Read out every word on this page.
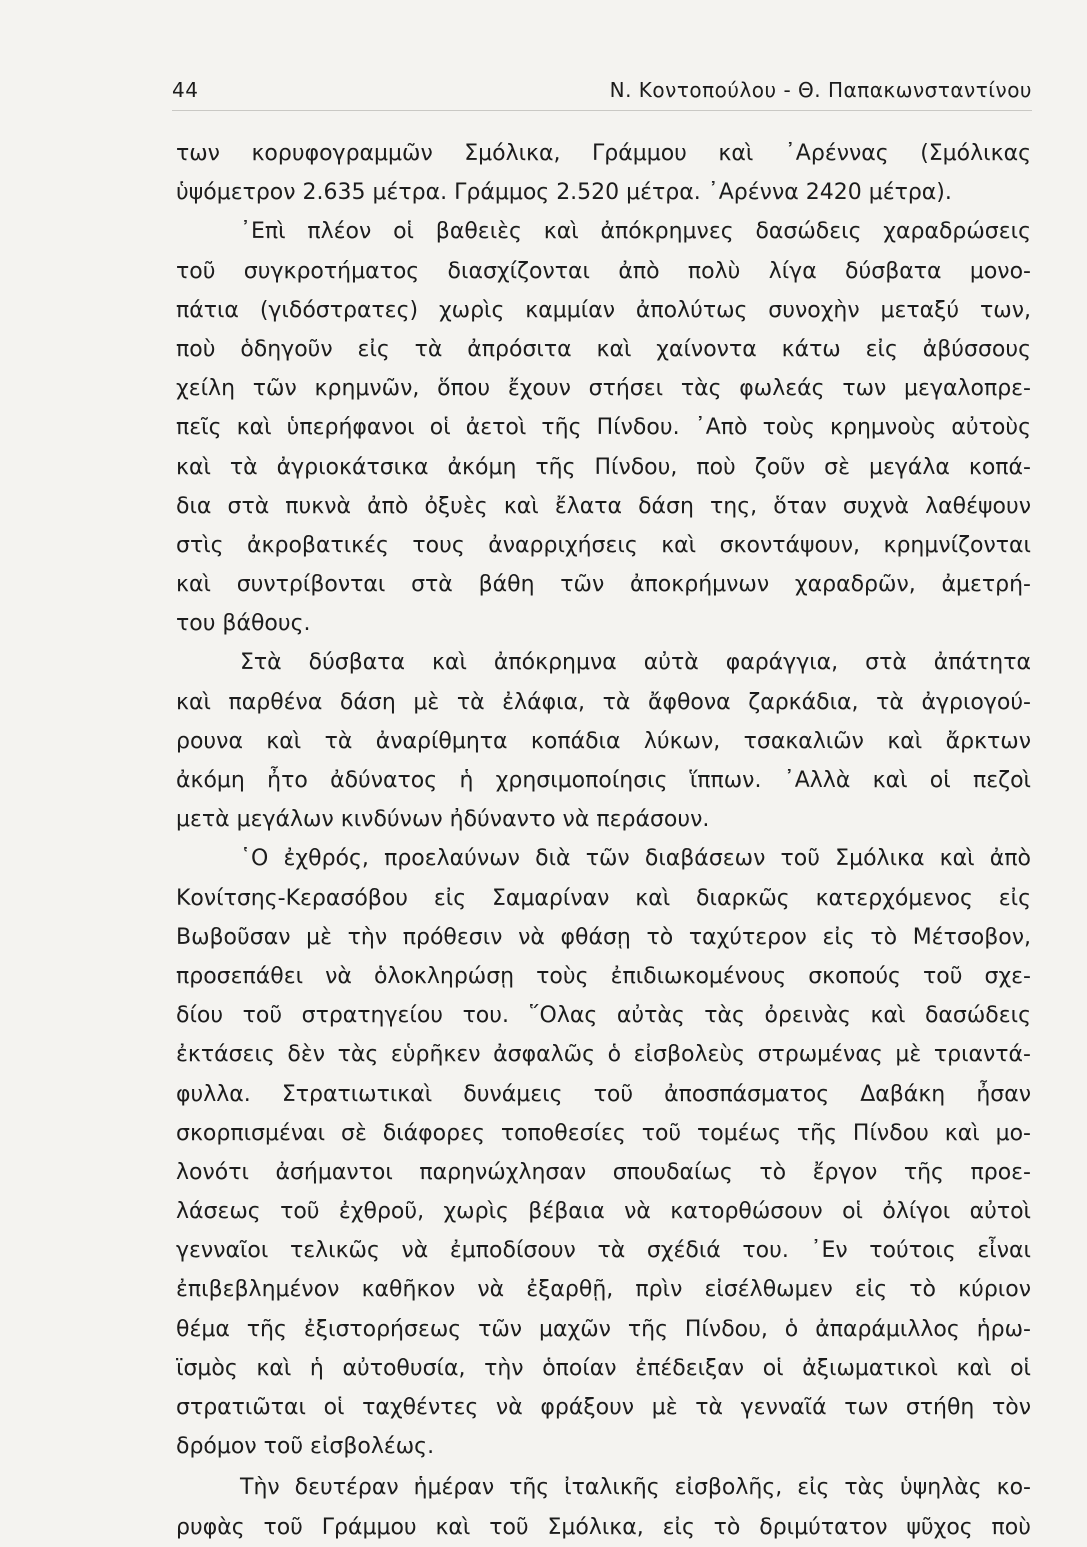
44	Ν. Κοντοπούλου - Θ. Παπακωνσταντίνου
των κορυφογραμμῶν Σμόλικα, Γράμμου καὶ ᾿Αρέννας (Σμόλικας
ὑψόμετρον 2.635 μέτρα. Γράμμος 2.520 μέτρα. ᾿Αρέννα 2420 μέτρα).
᾿Επὶ πλέον οἱ βαθειὲς καὶ ἀπόκρημνες δασώδεις χαραδρώσεις
τοῦ συγκροτήματος διασχίζονται ἀπὸ πολὺ λίγα δύσβατα μονο-
πάτια (γιδόστρατες) χωρὶς καμμίαν ἀπολύτως συνοχὴν μεταξύ των,
ποὺ ὁδηγοῦν εἰς τὰ ἀπρόσιτα καὶ χαίνοντα κάτω εἰς ἀβύσσους
χείλη τῶν κρημνῶν, ὅπου ἔχουν στήσει τὰς φωλεάς των μεγαλοπρε-
πεῖς καὶ ὑπερήφανοι οἱ ἀετοὶ τῆς Πίνδου. ᾿Απὸ τοὺς κρημνοὺς αὐτοὺς
καὶ τὰ ἀγριοκάτσικα ἀκόμη τῆς Πίνδου, ποὺ ζοῦν σὲ μεγάλα κοπά-
δια στὰ πυκνὰ ἀπὸ ὀξυὲς καὶ ἔλατα δάση της, ὅταν συχνὰ λαθέψουν
στὶς ἀκροβατικές τους ἀναρριχήσεις καὶ σκοντάψουν, κρημνίζονται
καὶ συντρίβονται στὰ βάθη τῶν ἀποκρήμνων χαραδρῶν, ἀμετρή-
του βάθους.
Στὰ δύσβατα καὶ ἀπόκρημνα αὐτὰ φαράγγια, στὰ ἀπάτητα
καὶ παρθένα δάση μὲ τὰ ἐλάφια, τὰ ἄφθονα ζαρκάδια, τὰ ἀγριογού-
ρουνα καὶ τὰ ἀναρίθμητα κοπάδια λύκων, τσακαλιῶν καὶ ἄρκτων
ἀκόμη ἦτο ἀδύνατος ἡ χρησιμοποίησις ἵππων. ᾿Αλλὰ καὶ οἱ πεζοὶ
μετὰ μεγάλων κινδύνων ἠδύναντο νὰ περάσουν.
῾Ο ἐχθρός, προελαύνων διὰ τῶν διαβάσεων τοῦ Σμόλικα καὶ ἀπὸ
Κονίτσης-Κερασόβου εἰς Σαμαρίναν καὶ διαρκῶς κατερχόμενος εἰς
Βωβοῦσαν μὲ τὴν πρόθεσιν νὰ φθάσῃ τὸ ταχύτερον εἰς τὸ Μέτσοβον,
προσεπάθει νὰ ὁλοκληρώσῃ τοὺς ἐπιδιωκομένους σκοπούς τοῦ σχε-
δίου τοῦ στρατηγείου του. ῞Ολας αὐτὰς τὰς ὀρεινὰς καὶ δασώδεις
ἐκτάσεις δὲν τὰς εὑρῆκεν ἀσφαλῶς ὁ εἰσβολεὺς στρωμένας μὲ τριαντά-
φυλλα. Στρατιωτικαὶ δυνάμεις τοῦ ἀποσπάσματος Δαβάκη ἦσαν
σκορπισμέναι σὲ διάφορες τοποθεσίες τοῦ τομέως τῆς Πίνδου καὶ μο-
λονότι ἀσήμαντοι παρηνώχλησαν σπουδαίως τὸ ἔργον τῆς προε-
λάσεως τοῦ ἐχθροῦ, χωρὶς βέβαια νὰ κατορθώσουν οἱ ὀλίγοι αὐτοὶ
γενναῖοι τελικῶς νὰ ἐμποδίσουν τὰ σχέδιά του. ᾿Εν τούτοις εἶναι
ἐπιβεβλημένον καθῆκον νὰ ἐξαρθῇ, πρὶν εἰσέλθωμεν εἰς τὸ κύριον
θέμα τῆς ἐξιστορήσεως τῶν μαχῶν τῆς Πίνδου, ὁ ἀπαράμιλλος ἡρω-
ϊσμὸς καὶ ἡ αὐτοθυσία, τὴν ὁποίαν ἐπέδειξαν οἱ ἀξιωματικοὶ καὶ οἱ
στρατιῶται οἱ ταχθέντες νὰ φράξουν μὲ τὰ γενναῖά των στήθη τὸν
δρόμον τοῦ εἰσβολέως.
Τὴν δευτέραν ἡμέραν τῆς ἰταλικῆς εἰσβολῆς, εἰς τὰς ὑψηλὰς κο-
ρυφὰς τοῦ Γράμμου καὶ τοῦ Σμόλικα, εἰς τὸ δριμύτατον ψῦχος ποὺ
